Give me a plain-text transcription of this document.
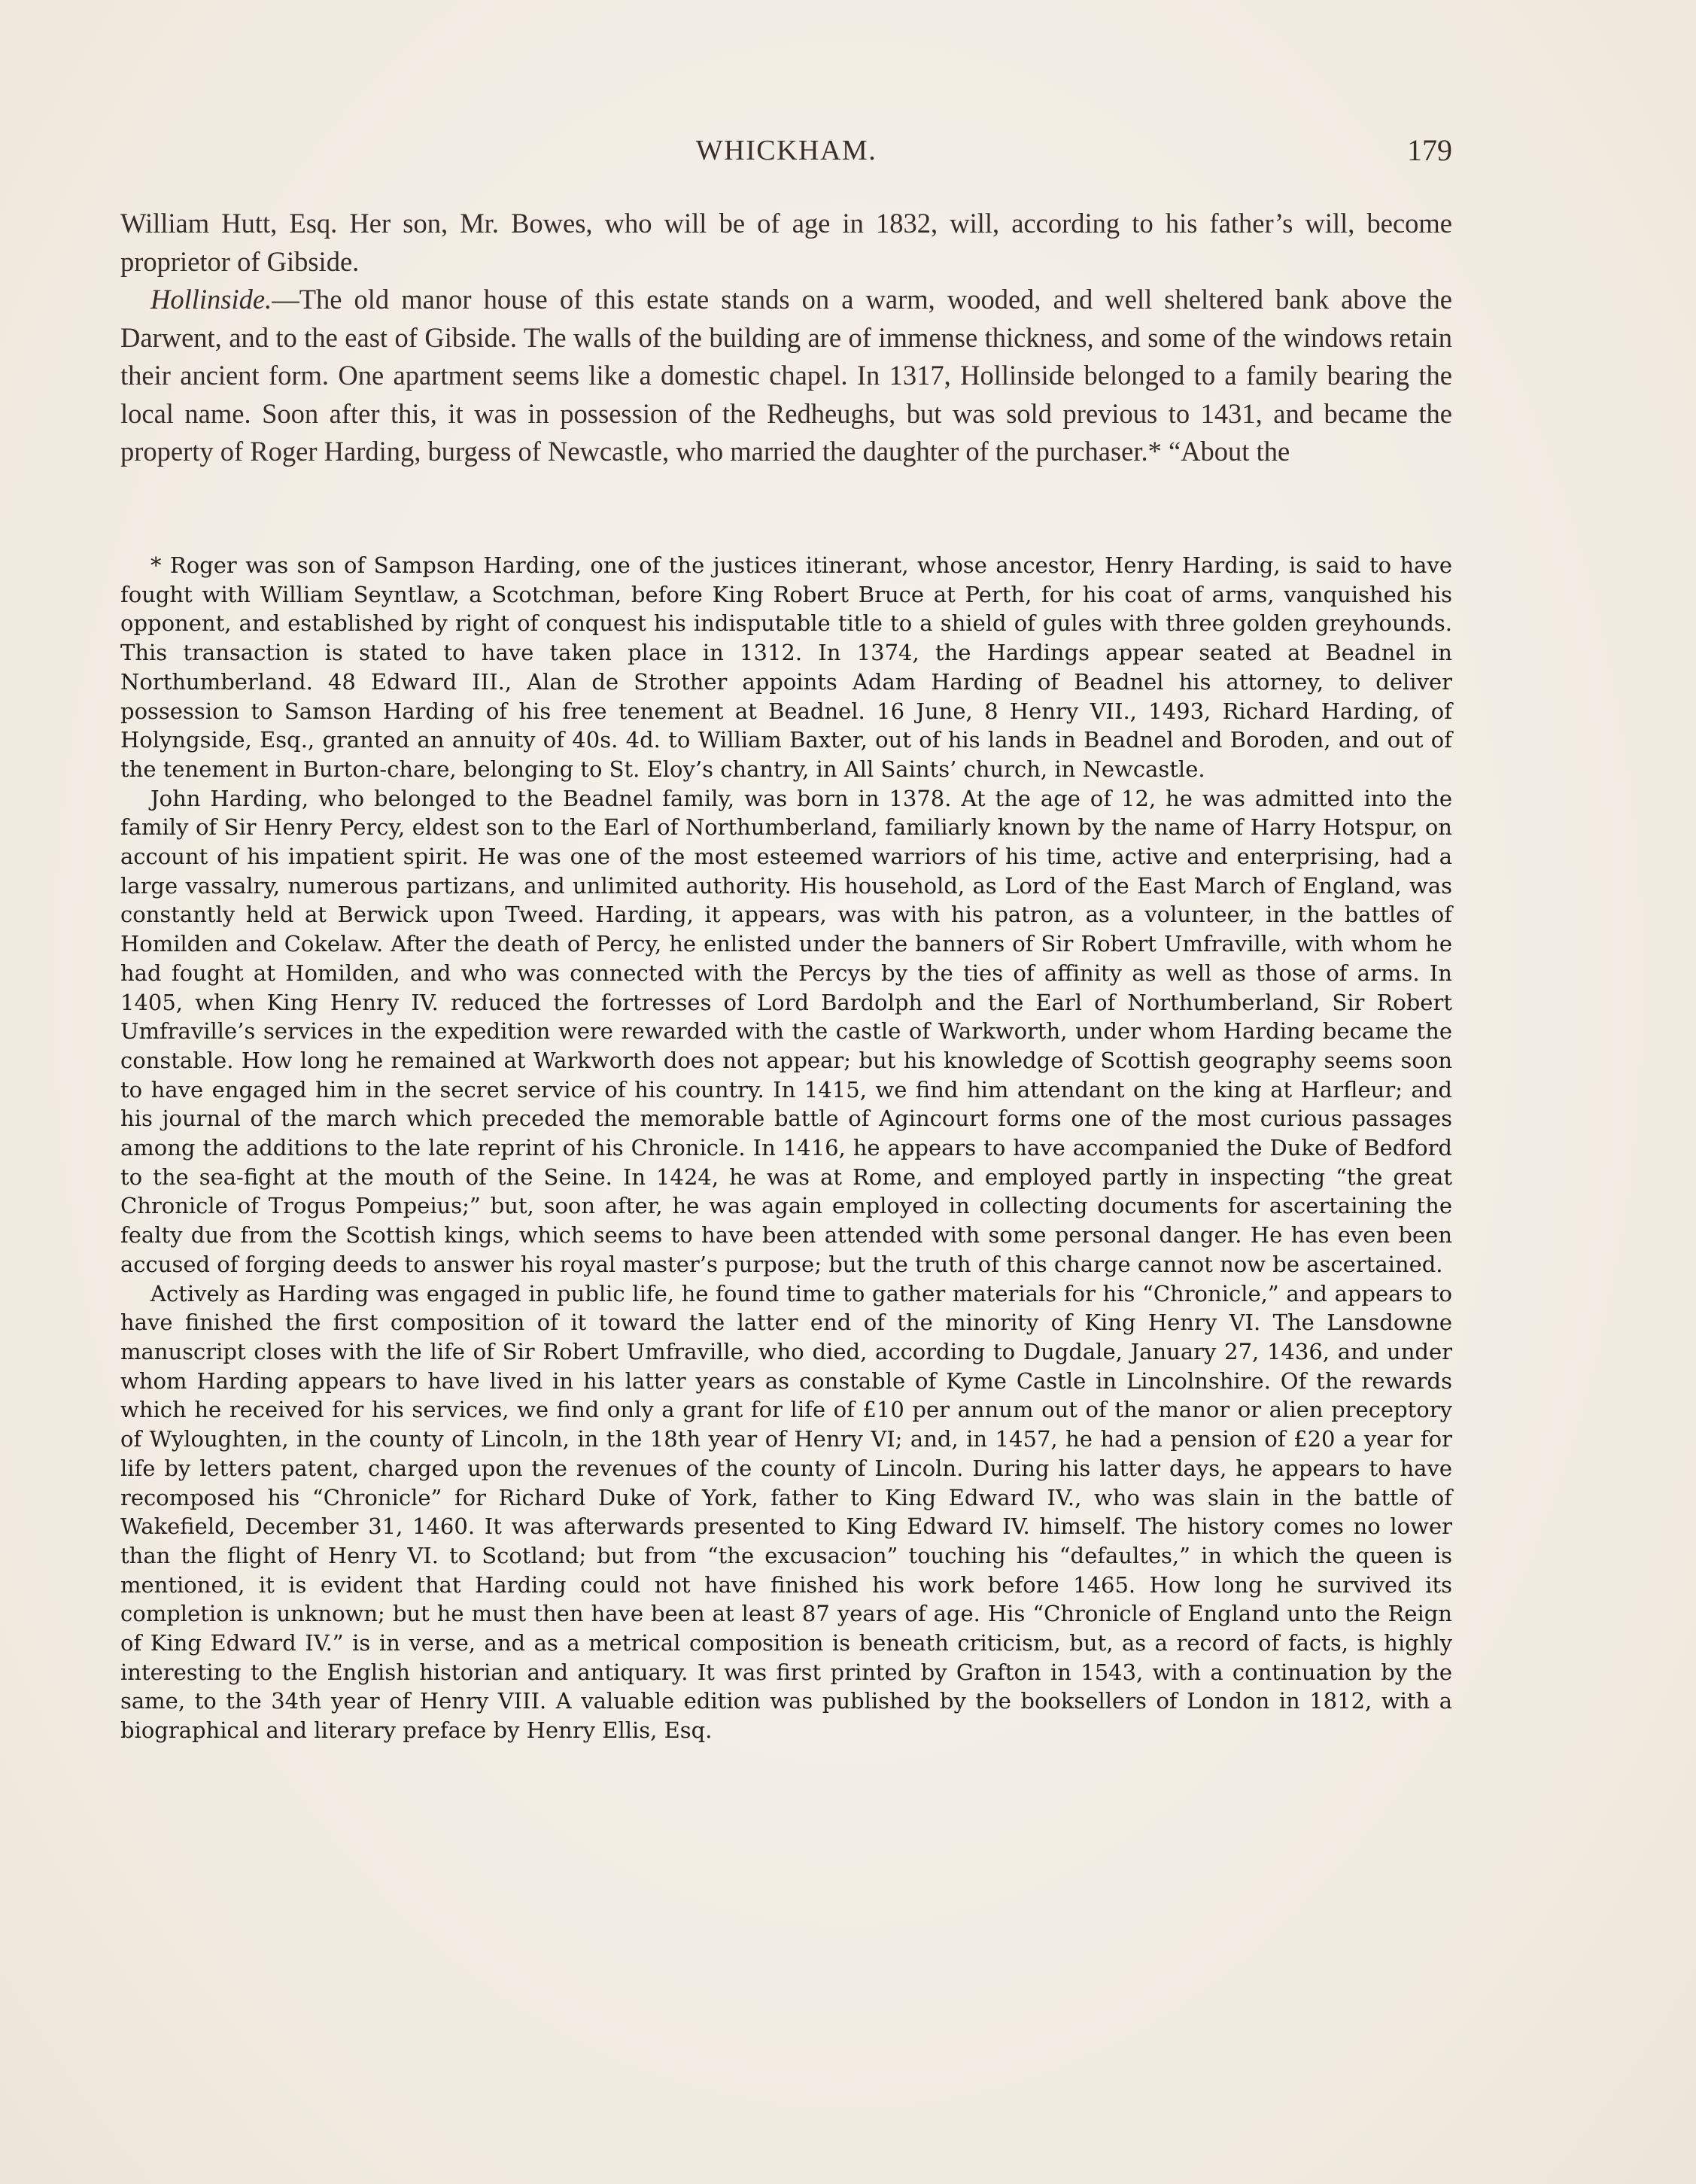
WHICKHAM.	179

William Hutt, Esq. Her son, Mr. Bowes, who will be of age in 1832, will, according to his father’s will, become proprietor of Gibside.

Hollinside.—The old manor house of this estate stands on a warm, wooded, and well sheltered bank above the Darwent, and to the east of Gibside. The walls of the building are of immense thickness, and some of the windows retain their ancient form. One apartment seems like a domestic chapel. In 1317, Hollinside belonged to a family bearing the local name. Soon after this, it was in possession of the Redheughs, but was sold previous to 1431, and became the property of Roger Harding, burgess of Newcastle, who married the daughter of the purchaser.* “About the

* Roger was son of Sampson Harding, one of the justices itinerant, whose ancestor, Henry Harding, is said to have fought with William Seyntlaw, a Scotchman, before King Robert Bruce at Perth, for his coat of arms, vanquished his opponent, and established by right of conquest his indisputable title to a shield of gules with three golden greyhounds. This transaction is stated to have taken place in 1312. In 1374, the Hardings appear seated at Beadnel in Northumberland. 48 Edward III., Alan de Strother appoints Adam Harding of Beadnel his attorney, to deliver possession to Samson Harding of his free tenement at Beadnel. 16 June, 8 Henry VII., 1493, Richard Harding, of Holyngside, Esq., granted an annuity of 40s. 4d. to William Baxter, out of his lands in Beadnel and Boroden, and out of the tenement in Burton-chare, belonging to St. Eloy’s chantry, in All Saints’ church, in Newcastle.

John Harding, who belonged to the Beadnel family, was born in 1378. At the age of 12, he was admitted into the family of Sir Henry Percy, eldest son to the Earl of Northumberland, familiarly known by the name of Harry Hotspur, on account of his impatient spirit. He was one of the most esteemed warriors of his time, active and enterprising, had a large vassalry, numerous partizans, and unlimited authority. His household, as Lord of the East March of England, was constantly held at Berwick upon Tweed. Harding, it appears, was with his patron, as a volunteer, in the battles of Homilden and Cokelaw. After the death of Percy, he enlisted under the banners of Sir Robert Umfraville, with whom he had fought at Homilden, and who was connected with the Percys by the ties of affinity as well as those of arms. In 1405, when King Henry IV. reduced the fortresses of Lord Bardolph and the Earl of Northumberland, Sir Robert Umfraville’s services in the expedition were rewarded with the castle of Warkworth, under whom Harding became the constable. How long he remained at Warkworth does not appear; but his knowledge of Scottish geography seems soon to have engaged him in the secret service of his country. In 1415, we find him attendant on the king at Harfleur; and his journal of the march which preceded the memorable battle of Agincourt forms one of the most curious passages among the additions to the late reprint of his Chronicle. In 1416, he appears to have accompanied the Duke of Bedford to the sea-fight at the mouth of the Seine. In 1424, he was at Rome, and employed partly in inspecting “the great Chronicle of Trogus Pompeius;” but, soon after, he was again employed in collecting documents for ascertaining the fealty due from the Scottish kings, which seems to have been attended with some personal danger. He has even been accused of forging deeds to answer his royal master’s purpose; but the truth of this charge cannot now be ascertained.

Actively as Harding was engaged in public life, he found time to gather materials for his “Chronicle,” and appears to have finished the first composition of it toward the latter end of the minority of King Henry VI. The Lansdowne manuscript closes with the life of Sir Robert Umfraville, who died, according to Dugdale, January 27, 1436, and under whom Harding appears to have lived in his latter years as constable of Kyme Castle in Lincolnshire. Of the rewards which he received for his services, we find only a grant for life of £10 per annum out of the manor or alien preceptory of Wyloughten, in the county of Lincoln, in the 18th year of Henry VI; and, in 1457, he had a pension of £20 a year for life by letters patent, charged upon the revenues of the county of Lincoln. During his latter days, he appears to have recomposed his “Chronicle” for Richard Duke of York, father to King Edward IV., who was slain in the battle of Wakefield, December 31, 1460. It was afterwards presented to King Edward IV. himself. The history comes no lower than the flight of Henry VI. to Scotland; but from “the excusacion” touching his “defaultes,” in which the queen is mentioned, it is evident that Harding could not have finished his work before 1465. How long he survived its completion is unknown; but he must then have been at least 87 years of age. His “Chronicle of England unto the Reign of King Edward IV.” is in verse, and as a metrical composition is beneath criticism, but, as a record of facts, is highly interesting to the English historian and antiquary. It was first printed by Grafton in 1543, with a continuation by the same, to the 34th year of Henry VIII. A valuable edition was published by the booksellers of London in 1812, with a biographical and literary preface by Henry Ellis, Esq.
